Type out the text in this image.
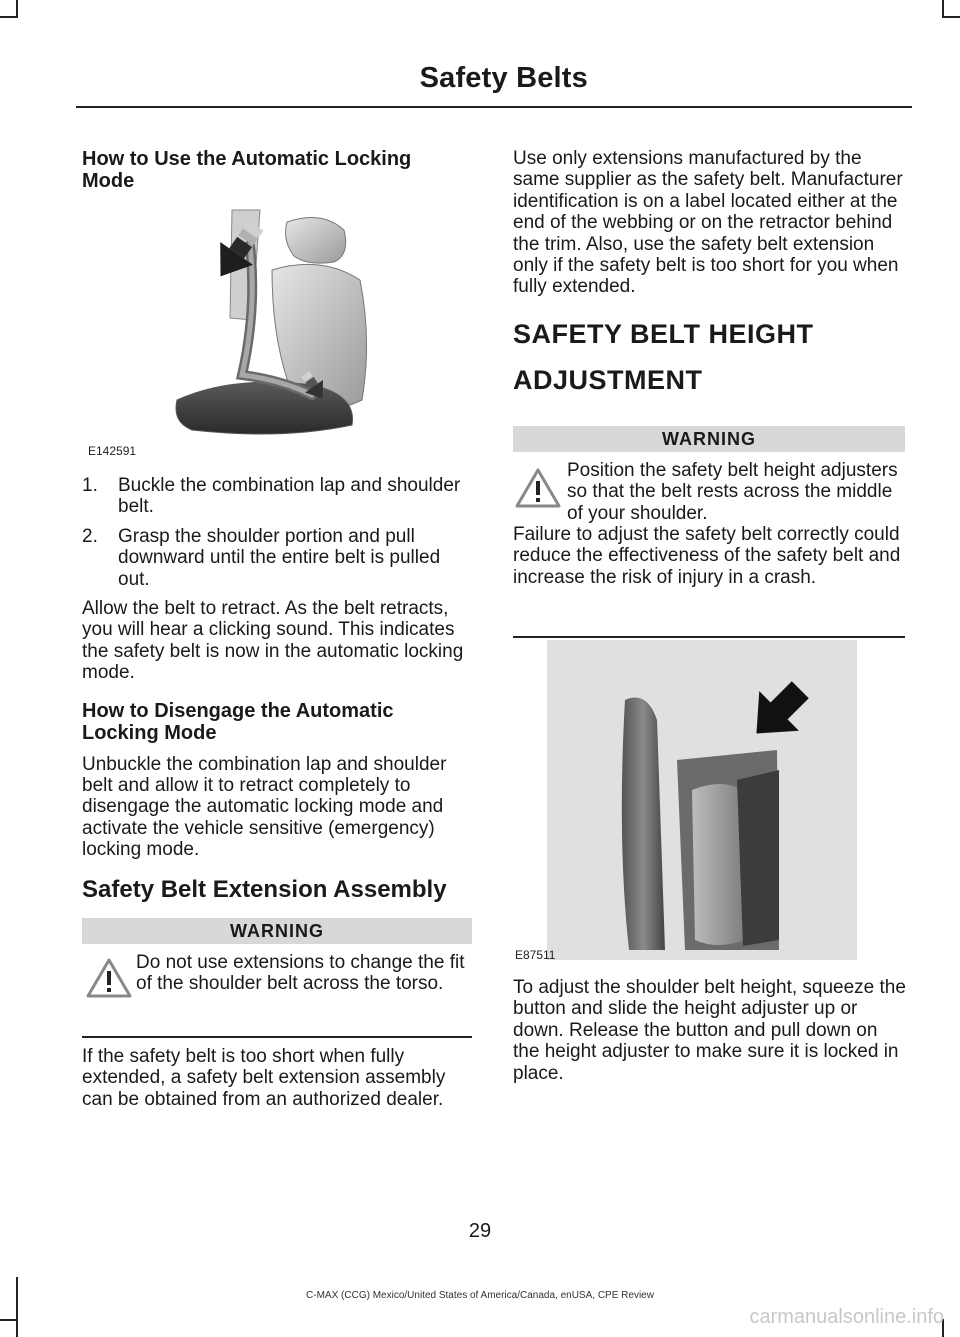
Safety Belts

How to Use the Automatic Locking Mode

E142591
1. Buckle the combination lap and shoulder belt.
2. Grasp the shoulder portion and pull downward until the entire belt is pulled out.

Allow the belt to retract. As the belt retracts, you will hear a clicking sound. This indicates the safety belt is now in the automatic locking mode.

How to Disengage the Automatic Locking Mode

Unbuckle the combination lap and shoulder belt and allow it to retract completely to disengage the automatic locking mode and activate the vehicle sensitive (emergency) locking mode.

Safety Belt Extension Assembly

WARNING
Do not use extensions to change the fit of the shoulder belt across the torso.
If the safety belt is too short when fully extended, a safety belt extension assembly can be obtained from an authorized dealer.

Use only extensions manufactured by the same supplier as the safety belt. Manufacturer identification is on a label located either at the end of the webbing or on the retractor behind the trim. Also, use the safety belt extension only if the safety belt is too short for you when fully extended.

SAFETY BELT HEIGHT

ADJUSTMENT

WARNING
Position the safety belt height adjusters so that the belt rests across the middle of your shoulder.
Failure to adjust the safety belt correctly could reduce the effectiveness of the safety belt and increase the risk of injury in a crash.
E87511
To adjust the shoulder belt height, squeeze the button and slide the height adjuster up or down. Release the button and pull down on the height adjuster to make sure it is locked in place.
29
C-MAX (CCG) Mexico/United States of America/Canada, enUSA, CPE Review
carmanualsonline.info
